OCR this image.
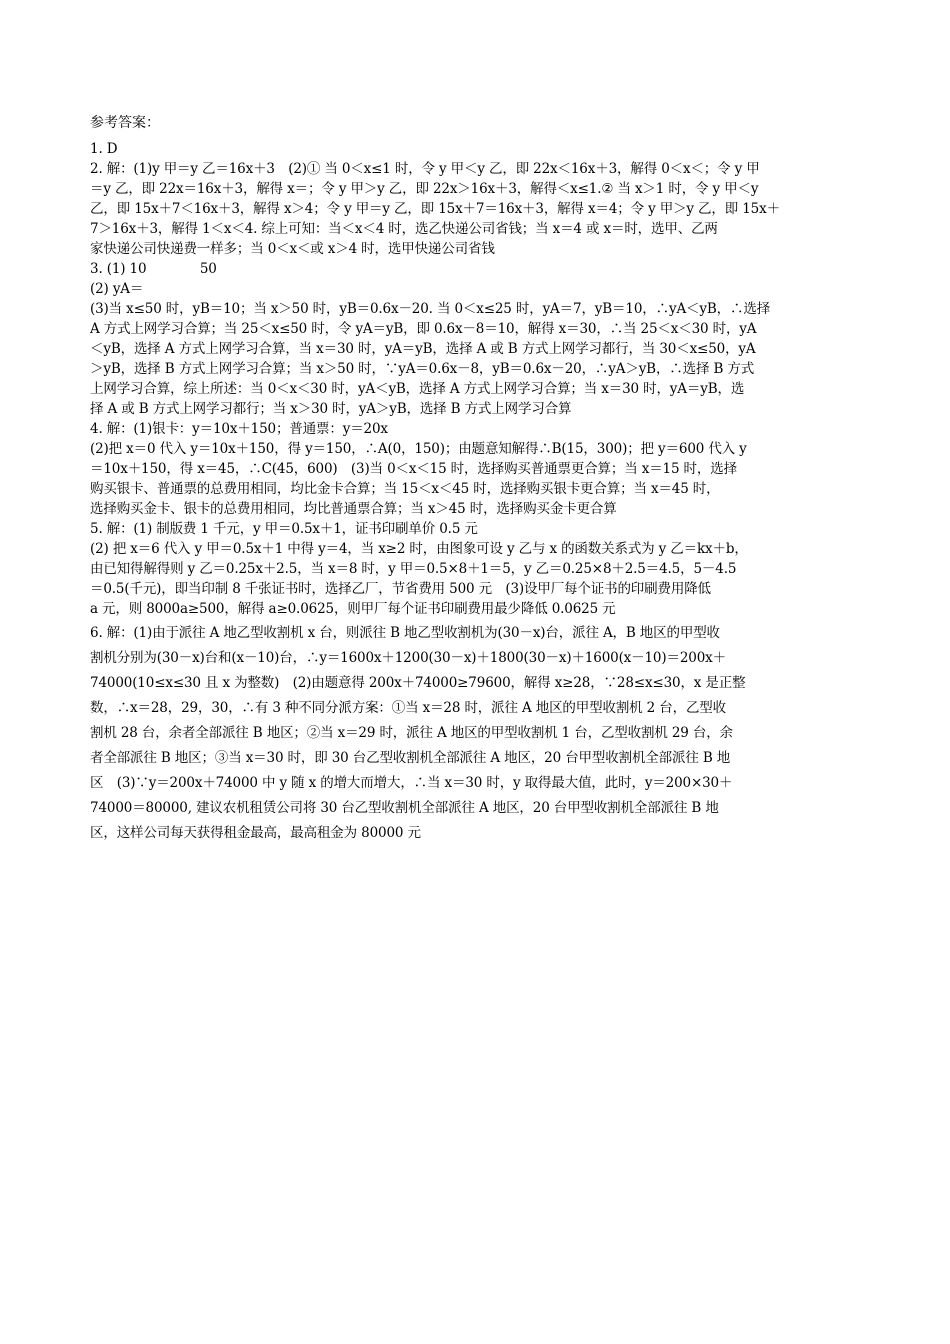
参考答案：
1. D
2. 解：(1)y 甲＝y 乙＝16x＋3　(2)① 当 0＜x≤1 时，令 y 甲＜y 乙，即 22x＜16x＋3，解得 0＜x＜；令 y 甲
＝y 乙，即 22x＝16x＋3，解得 x＝；令 y 甲＞y 乙，即 22x＞16x＋3，解得＜x≤1.② 当 x＞1 时，令 y 甲＜y
乙，即 15x＋7＜16x＋3，解得 x＞4；令 y 甲＝y 乙，即 15x＋7＝16x＋3，解得 x＝4；令 y 甲＞y 乙，即 15x＋
7＞16x＋3，解得 1＜x＜4. 综上可知：当＜x＜4 时，选乙快递公司省钱；当 x＝4 或 x＝时，选甲、乙两
家快递公司快递费一样多；当 0＜x＜或 x＞4 时，选甲快递公司省钱
3. (1) 10　　　　50
(2) yA＝
(3)当 x≤50 时，yB＝10；当 x＞50 时，yB＝0.6x－20. 当 0＜x≤25 时，yA＝7，yB＝10，∴yA＜yB，∴选择
A 方式上网学习合算；当 25＜x≤50 时，令 yA＝yB，即 0.6x－8＝10，解得 x＝30，∴当 25＜x＜30 时，yA
＜yB，选择 A 方式上网学习合算，当 x＝30 时，yA＝yB，选择 A 或 B 方式上网学习都行，当 30＜x≤50，yA
＞yB，选择 B 方式上网学习合算；当 x＞50 时，∵yA＝0.6x－8，yB＝0.6x－20，∴yA＞yB，∴选择 B 方式
上网学习合算，综上所述：当 0＜x＜30 时，yA＜yB，选择 A 方式上网学习合算；当 x＝30 时，yA＝yB，选
择 A 或 B 方式上网学习都行；当 x＞30 时，yA＞yB，选择 B 方式上网学习合算
4. 解：(1)银卡：y＝10x＋150；普通票：y＝20x
(2)把 x＝0 代入 y＝10x＋150，得 y＝150，∴A(0，150)；由题意知解得∴B(15，300)；把 y＝600 代入 y
＝10x＋150，得 x＝45，∴C(45，600)　(3)当 0＜x＜15 时，选择购买普通票更合算；当 x＝15 时，选择
购买银卡、普通票的总费用相同，均比金卡合算；当 15＜x＜45 时，选择购买银卡更合算；当 x＝45 时，
选择购买金卡、银卡的总费用相同，均比普通票合算；当 x＞45 时，选择购买金卡更合算
5. 解：(1) 制版费 1 千元，y 甲＝0.5x＋1，证书印刷单价 0.5 元
(2) 把 x＝6 代入 y 甲＝0.5x＋1 中得 y＝4，当 x≥2 时，由图象可设 y 乙与 x 的函数关系式为 y 乙＝kx＋b，
由已知得解得则 y 乙＝0.25x＋2.5，当 x＝8 时，y 甲＝0.5×8＋1＝5，y 乙＝0.25×8＋2.5＝4.5，5－4.5
＝0.5(千元)，即当印制 8 千张证书时，选择乙厂，节省费用 500 元　(3)设甲厂每个证书的印刷费用降低
a 元，则 8000a≥500，解得 a≥0.0625，则甲厂每个证书印刷费用最少降低 0.0625 元
6. 解：(1)由于派往 A 地乙型收割机 x 台，则派往 B 地乙型收割机为(30－x)台，派往 A，B 地区的甲型收
割机分别为(30－x)台和(x－10)台，∴y＝1600x＋1200(30－x)＋1800(30－x)＋1600(x－10)＝200x＋
74000(10≤x≤30 且 x 为整数)　(2)由题意得 200x＋74000≥79600，解得 x≥28，∵28≤x≤30，x 是正整
数，∴x＝28，29，30，∴有 3 种不同分派方案：①当 x＝28 时，派往 A 地区的甲型收割机 2 台，乙型收
割机 28 台，余者全部派往 B 地区；②当 x＝29 时，派往 A 地区的甲型收割机 1 台，乙型收割机 29 台，余
者全部派往 B 地区；③当 x＝30 时，即 30 台乙型收割机全部派往 A 地区，20 台甲型收割机全部派往 B 地
区　(3)∵y＝200x＋74000 中 y 随 x 的增大而增大，∴当 x＝30 时，y 取得最大值，此时，y＝200×30＋
74000＝80000, 建议农机租赁公司将 30 台乙型收割机全部派往 A 地区，20 台甲型收割机全部派往 B 地
区，这样公司每天获得租金最高，最高租金为 80000 元
